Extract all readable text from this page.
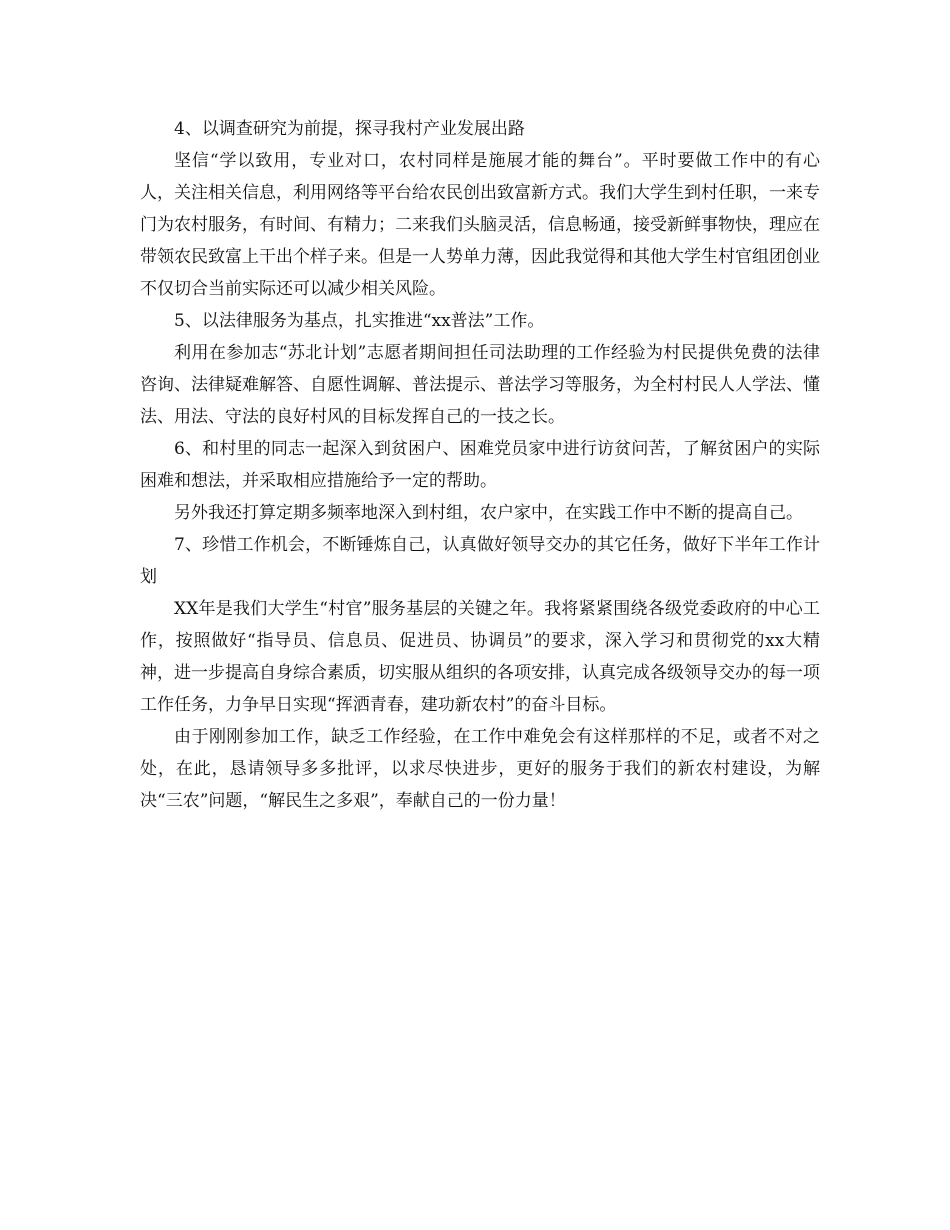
4、以调查研究为前提，探寻我村产业发展出路

坚信“学以致用，专业对口，农村同样是施展才能的舞台”。平时要做工作中的有心人，关注相关信息，利用网络等平台给农民创出致富新方式。我们大学生到村任职，一来专门为农村服务，有时间、有精力；二来我们头脑灵活，信息畅通，接受新鲜事物快，理应在带领农民致富上干出个样子来。但是一人势单力薄，因此我觉得和其他大学生村官组团创业不仅切合当前实际还可以减少相关风险。

5、以法律服务为基点，扎实推进“xx普法”工作。

利用在参加志“苏北计划”志愿者期间担任司法助理的工作经验为村民提供免费的法律咨询、法律疑难解答、自愿性调解、普法提示、普法学习等服务，为全村村民人人学法、懂法、用法、守法的良好村风的目标发挥自己的一技之长。

6、和村里的同志一起深入到贫困户、困难党员家中进行访贫问苦，了解贫困户的实际困难和想法，并采取相应措施给予一定的帮助。

另外我还打算定期多频率地深入到村组，农户家中，在实践工作中不断的提高自己。

7、珍惜工作机会，不断锤炼自己，认真做好领导交办的其它任务，做好下半年工作计划

XX年是我们大学生“村官”服务基层的关键之年。我将紧紧围绕各级党委政府的中心工作，按照做好“指导员、信息员、促进员、协调员”的要求，深入学习和贯彻党的xx大精神，进一步提高自身综合素质，切实服从组织的各项安排，认真完成各级领导交办的每一项工作任务，力争早日实现“挥洒青春，建功新农村”的奋斗目标。

由于刚刚参加工作，缺乏工作经验，在工作中难免会有这样那样的不足，或者不对之处，在此，恳请领导多多批评，以求尽快进步，更好的服务于我们的新农村建设，为解决“三农”问题，“解民生之多艰”，奉献自己的一份力量！
